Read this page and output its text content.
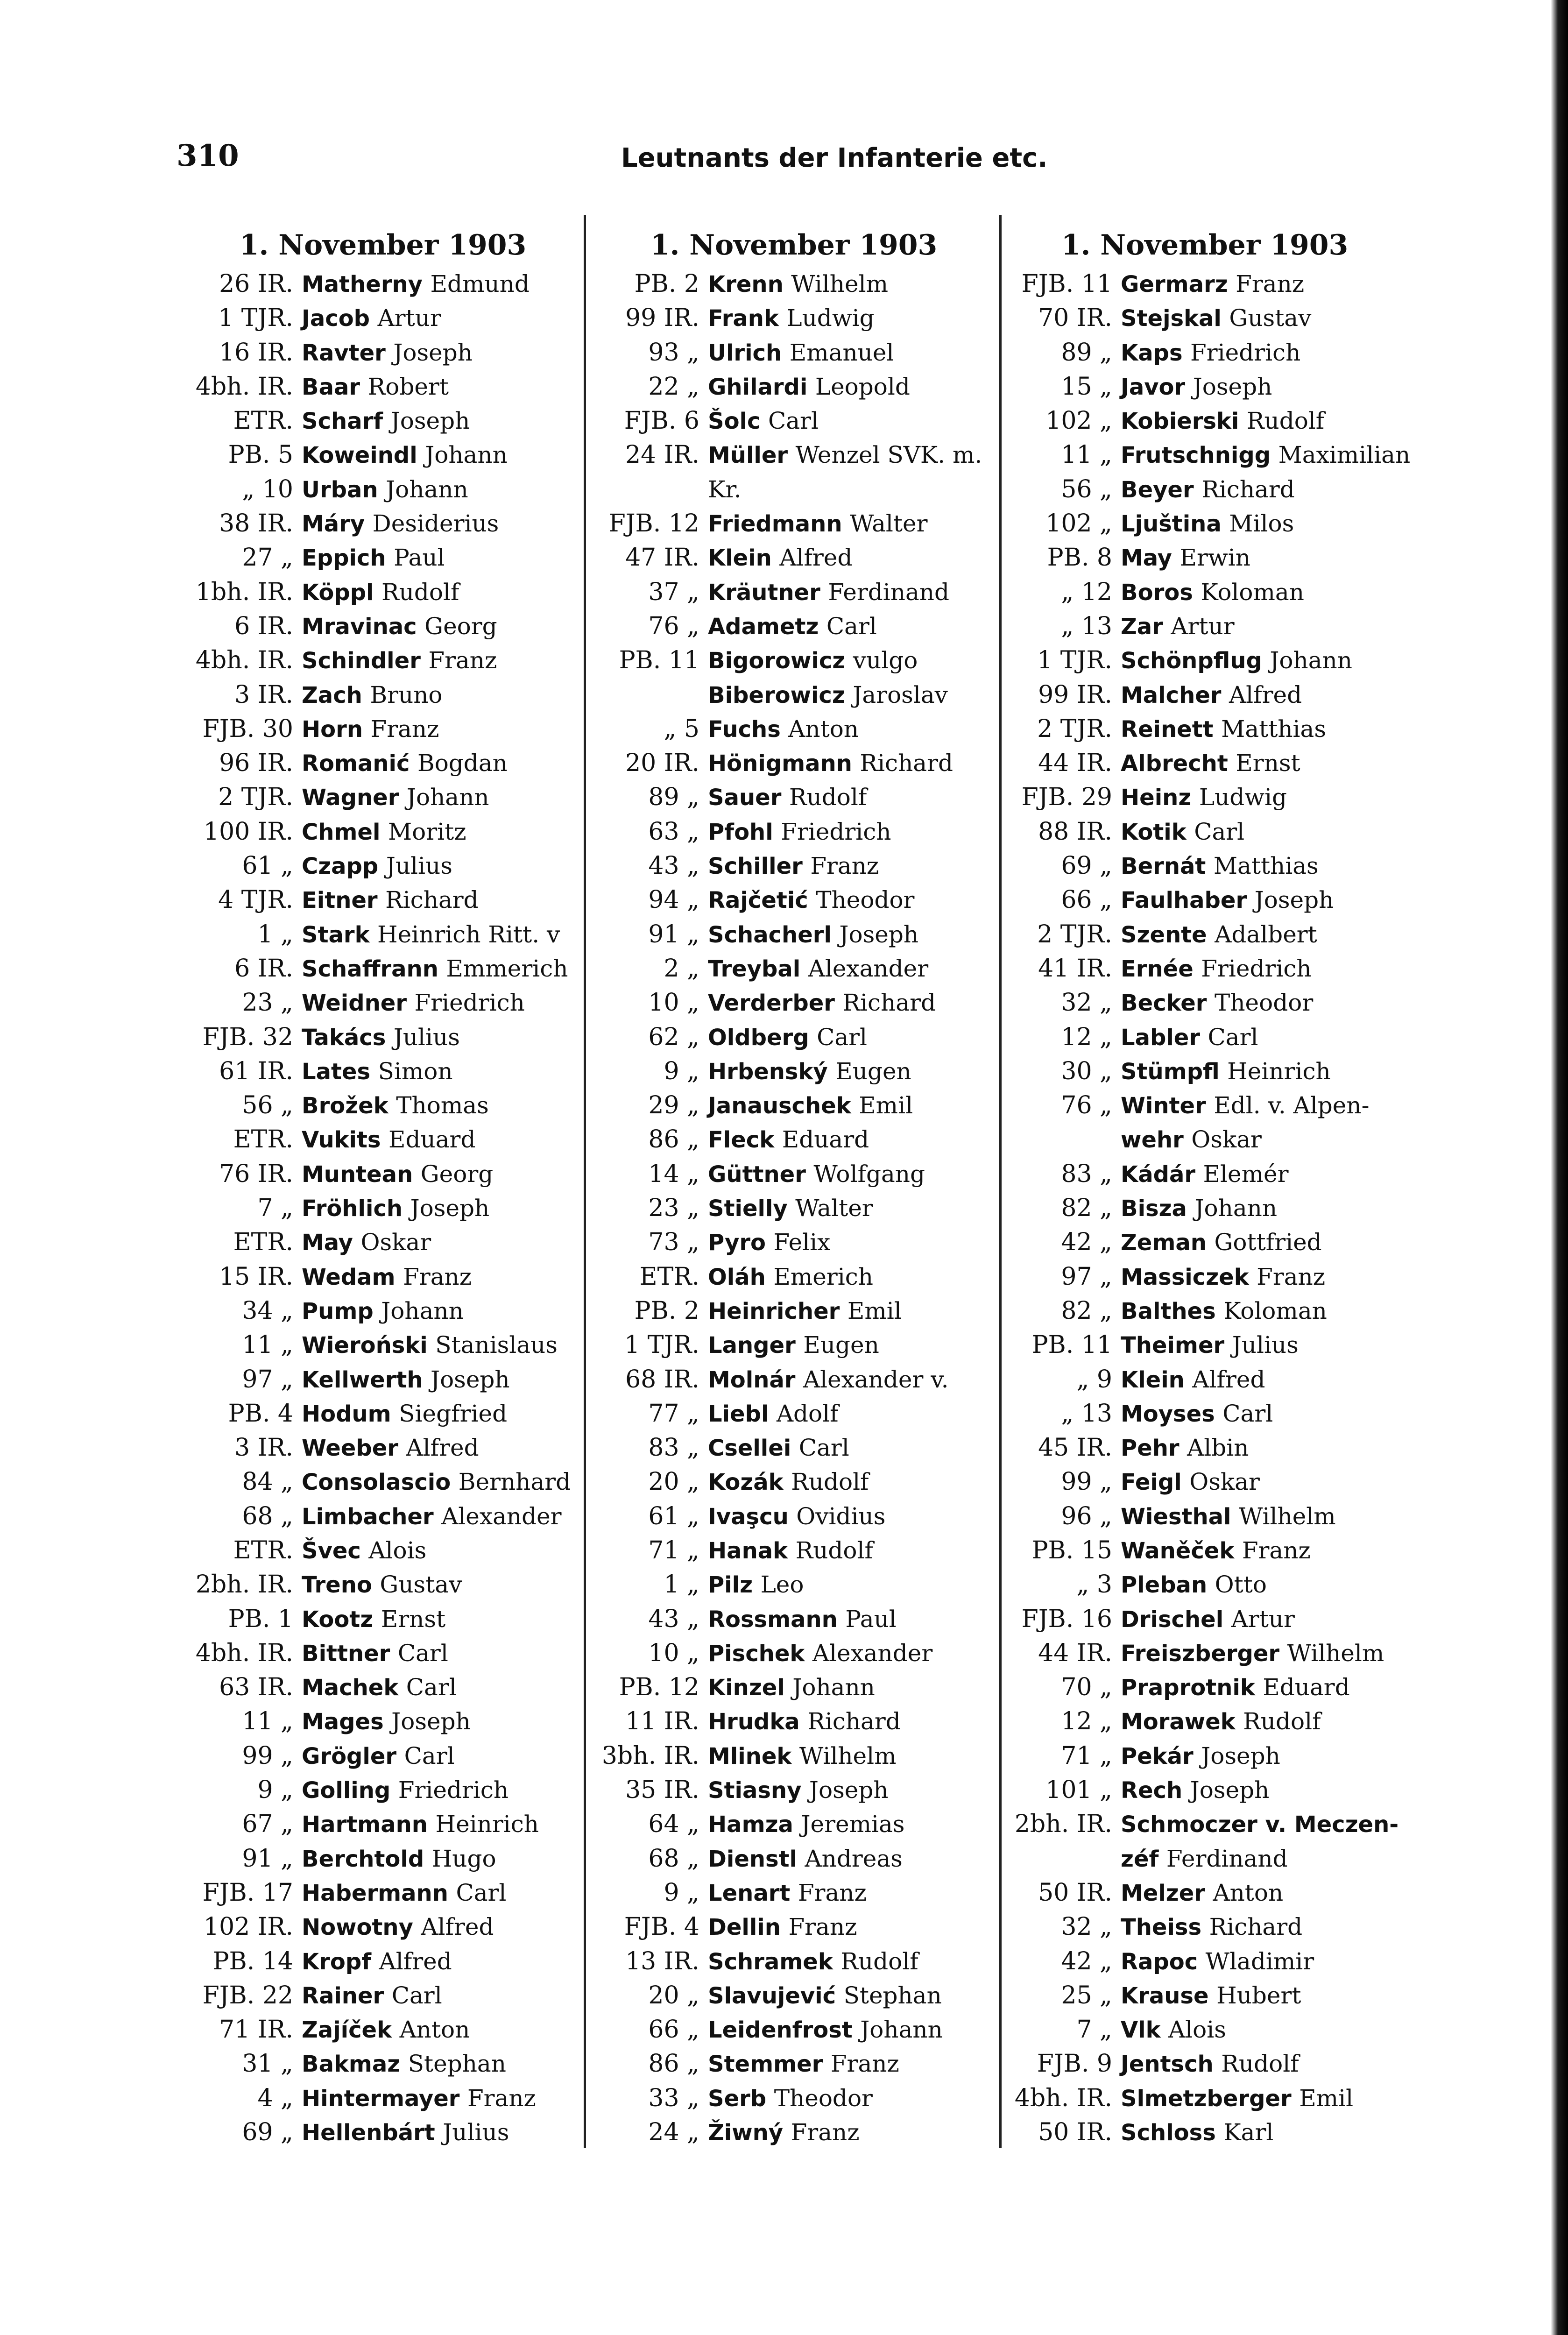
310	Leutnants der Infanterie etc.
1. November 1903
26 IR. Matherny Edmund
1 TJR. Jacob Artur
16 IR. Ravter Joseph
4bh. IR. Baar Robert
ETR. Scharf Joseph
PB. 5 Koweindl Johann
„ 10 Urban Johann
38 IR. Máry Desiderius
27 „ Eppich Paul
1bh. IR. Köppl Rudolf
6 IR. Mravinac Georg
4bh. IR. Schindler Franz
3 IR. Zach Bruno
FJB. 30 Horn Franz
96 IR. Romanić Bogdan
2 TJR. Wagner Johann
100 IR. Chmel Moritz
61 „ Czapp Julius
4 TJR. Eitner Richard
1 „ Stark Heinrich Ritt. v
6 IR. Schaffrann Emmerich
23 „ Weidner Friedrich
FJB. 32 Takács Julius
61 IR. Lates Simon
56 „ Brožek Thomas
ETR. Vukits Eduard
76 IR. Muntean Georg
7 „ Fröhlich Joseph
ETR. May Oskar
15 IR. Wedam Franz
34 „ Pump Johann
11 „ Wieroński Stanislaus
97 „ Kellwerth Joseph
PB. 4 Hodum Siegfried
3 IR. Weeber Alfred
84 „ Consolascio Bernhard
68 „ Limbacher Alexander
ETR. Švec Alois
2bh. IR. Treno Gustav
PB. 1 Kootz Ernst
4bh. IR. Bittner Carl
63 IR. Machek Carl
11 „ Mages Joseph
99 „ Grögler Carl
9 „ Golling Friedrich
67 „ Hartmann Heinrich
91 „ Berchtold Hugo
FJB. 17 Habermann Carl
102 IR. Nowotny Alfred
PB. 14 Kropf Alfred
FJB. 22 Rainer Carl
71 IR. Zajíček Anton
31 „ Bakmaz Stephan
4 „ Hintermayer Franz
69 „ Hellenbárt Julius
1. November 1903
PB. 2 Krenn Wilhelm
99 IR. Frank Ludwig
93 „ Ulrich Emanuel
22 „ Ghilardi Leopold
FJB. 6 Šolc Carl
24 IR. Müller Wenzel SVK. m.
Kr.
FJB. 12 Friedmann Walter
47 IR. Klein Alfred
37 „ Kräutner Ferdinand
76 „ Adametz Carl
PB. 11 Bigorowicz vulgo
Biberowicz Jaroslav
„ 5 Fuchs Anton
20 IR. Hönigmann Richard
89 „ Sauer Rudolf
63 „ Pfohl Friedrich
43 „ Schiller Franz
94 „ Rajčetić Theodor
91 „ Schacherl Joseph
2 „ Treybal Alexander
10 „ Verderber Richard
62 „ Oldberg Carl
9 „ Hrbenský Eugen
29 „ Janauschek Emil
86 „ Fleck Eduard
14 „ Güttner Wolfgang
23 „ Stielly Walter
73 „ Pyro Felix
ETR. Oláh Emerich
PB. 2 Heinricher Emil
1 TJR. Langer Eugen
68 IR. Molnár Alexander v.
77 „ Liebl Adolf
83 „ Csellei Carl
20 „ Kozák Rudolf
61 „ Ivaşcu Ovidius
71 „ Hanak Rudolf
1 „ Pilz Leo
43 „ Rossmann Paul
10 „ Pischek Alexander
PB. 12 Kinzel Johann
11 IR. Hrudka Richard
3bh. IR. Mlinek Wilhelm
35 IR. Stiasny Joseph
64 „ Hamza Jeremias
68 „ Dienstl Andreas
9 „ Lenart Franz
FJB. 4 Dellin Franz
13 IR. Schramek Rudolf
20 „ Slavujević Stephan
66 „ Leidenfrost Johann
86 „ Stemmer Franz
33 „ Serb Theodor
24 „ Žiwný Franz
1. November 1903
FJB. 11 Germarz Franz
70 IR. Stejskal Gustav
89 „ Kaps Friedrich
15 „ Javor Joseph
102 „ Kobierski Rudolf
11 „ Frutschnigg Maximilian
56 „ Beyer Richard
102 „ Ljuština Milos
PB. 8 May Erwin
„ 12 Boros Koloman
„ 13 Zar Artur
1 TJR. Schönpflug Johann
99 IR. Malcher Alfred
2 TJR. Reinett Matthias
44 IR. Albrecht Ernst
FJB. 29 Heinz Ludwig
88 IR. Kotik Carl
69 „ Bernát Matthias
66 „ Faulhaber Joseph
2 TJR. Szente Adalbert
41 IR. Ernée Friedrich
32 „ Becker Theodor
12 „ Labler Carl
30 „ Stümpfl Heinrich
76 „ Winter Edl. v. Alpen-
wehr Oskar
83 „ Kádár Elemér
82 „ Bisza Johann
42 „ Zeman Gottfried
97 „ Massiczek Franz
82 „ Balthes Koloman
PB. 11 Theimer Julius
„ 9 Klein Alfred
„ 13 Moyses Carl
45 IR. Pehr Albin
99 „ Feigl Oskar
96 „ Wiesthal Wilhelm
PB. 15 Waněček Franz
„ 3 Pleban Otto
FJB. 16 Drischel Artur
44 IR. Freiszberger Wilhelm
70 „ Praprotnik Eduard
12 „ Morawek Rudolf
71 „ Pekár Joseph
101 „ Rech Joseph
2bh. IR. Schmoczer v. Meczen-
zéf Ferdinand
50 IR. Melzer Anton
32 „ Theiss Richard
42 „ Rapoc Wladimir
25 „ Krause Hubert
7 „ Vlk Alois
FJB. 9 Jentsch Rudolf
4bh. IR. Slmetzberger Emil
50 IR. Schloss Karl
